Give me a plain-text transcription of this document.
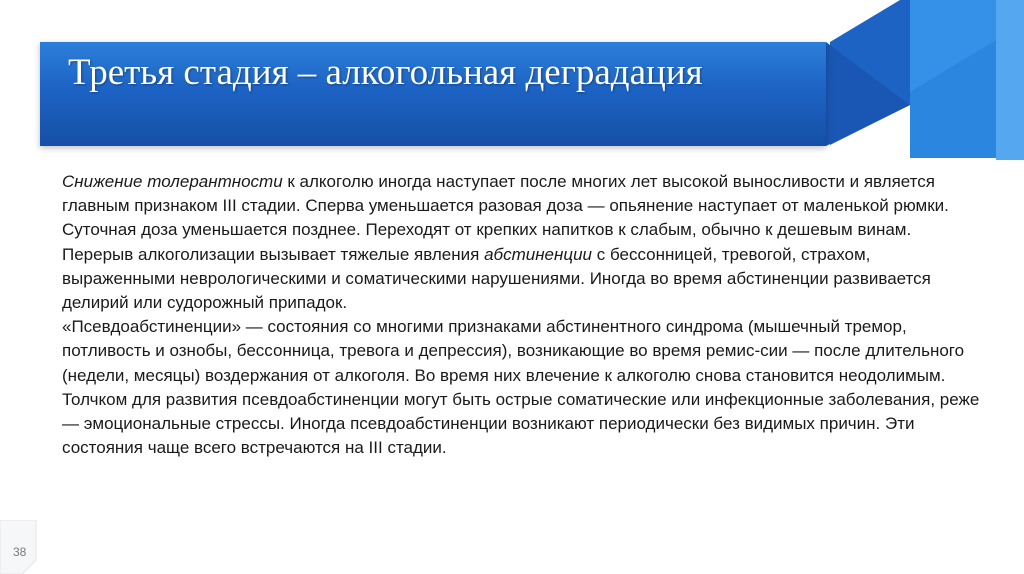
Третья стадия – алкогольная деградация

Снижение толерантности к алкоголю иногда наступает после многих лет высокой выносливости и является главным признаком III стадии. Сперва уменьшается разовая доза — опьянение наступает от маленькой рюмки. Суточная доза уменьшается позднее. Переходят от крепких напитков к слабым, обычно к дешевым винам.

Перерыв алкоголизации вызывает тяжелые явления абстиненции с бессонницей, тревогой, страхом, выраженными неврологическими и соматическими нарушениями. Иногда во время абстиненции развивается делирий или судорожный припадок.

«Псевдоабстиненции» — состояния со многими признаками абстинентного синдрома (мышечный тремор, потливость и ознобы, бессонница, тревога и депрессия), возникающие во время ремис-сии — после длительного (недели, месяцы) воздержания от алкоголя. Во время них влечение к алкоголю снова становится неодолимым. Толчком для развития псевдоабстиненции могут быть острые соматические или инфекционные заболевания, реже — эмоциональные стрессы. Иногда псевдоабстиненции возникают периодически без видимых причин. Эти состояния чаще всего встречаются на III стадии.

38
